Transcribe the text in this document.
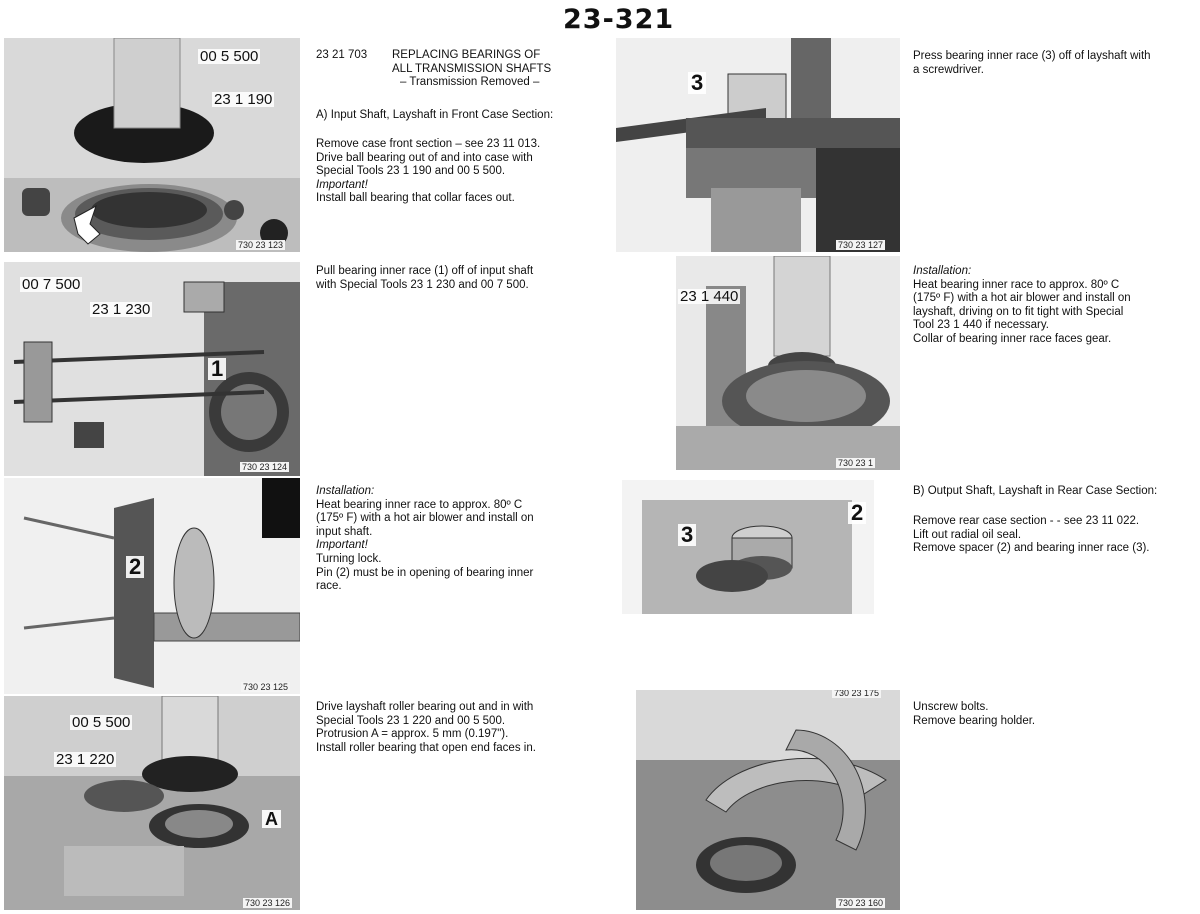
23-321
00 5 500
23 1 190
730 23 123
00 7 500
23 1 230
1
730 23 124
2
730 23 125
00 5 500
23 1 220
A
730 23 126
3
730 23 127
23 1 440
730 23 1
2
3
730 23 175
730 23 160
23 21 703	REPLACING BEARINGS OF
ALL TRANSMISSION SHAFTS
– Transmission Removed –

A) Input Shaft, Layshaft in Front Case Section:

Remove case front section – see 23 11 013.

Drive ball bearing out of and into case with

Special Tools 23 1 190 and 00 5 500.

Important!

Install ball bearing that collar faces out.

Pull bearing inner race (1) off of input shaft

with Special Tools 23 1 230 and 00 7 500.

Installation:

Heat bearing inner race to approx. 80º C

(175º F) with a hot air blower and install on

input shaft.

Important!

Turning lock.

Pin (2) must be in opening of bearing inner

race.

Drive layshaft roller bearing out and in with

Special Tools 23 1 220 and 00 5 500.

Protrusion A = approx. 5 mm (0.197").

Install roller bearing that open end faces in.

Press bearing inner race (3) off of layshaft with

a screwdriver.

Installation:

Heat bearing inner race to approx. 80º C

(175º F) with a hot air blower and install on

layshaft, driving on to fit tight with Special

Tool 23 1 440 if necessary.

Collar of bearing inner race faces gear.

B) Output Shaft, Layshaft in Rear Case Section:

Remove rear case section - - see 23 11 022.

Lift out radial oil seal.

Remove spacer (2) and bearing inner race (3).

Unscrew bolts.

Remove bearing holder.
